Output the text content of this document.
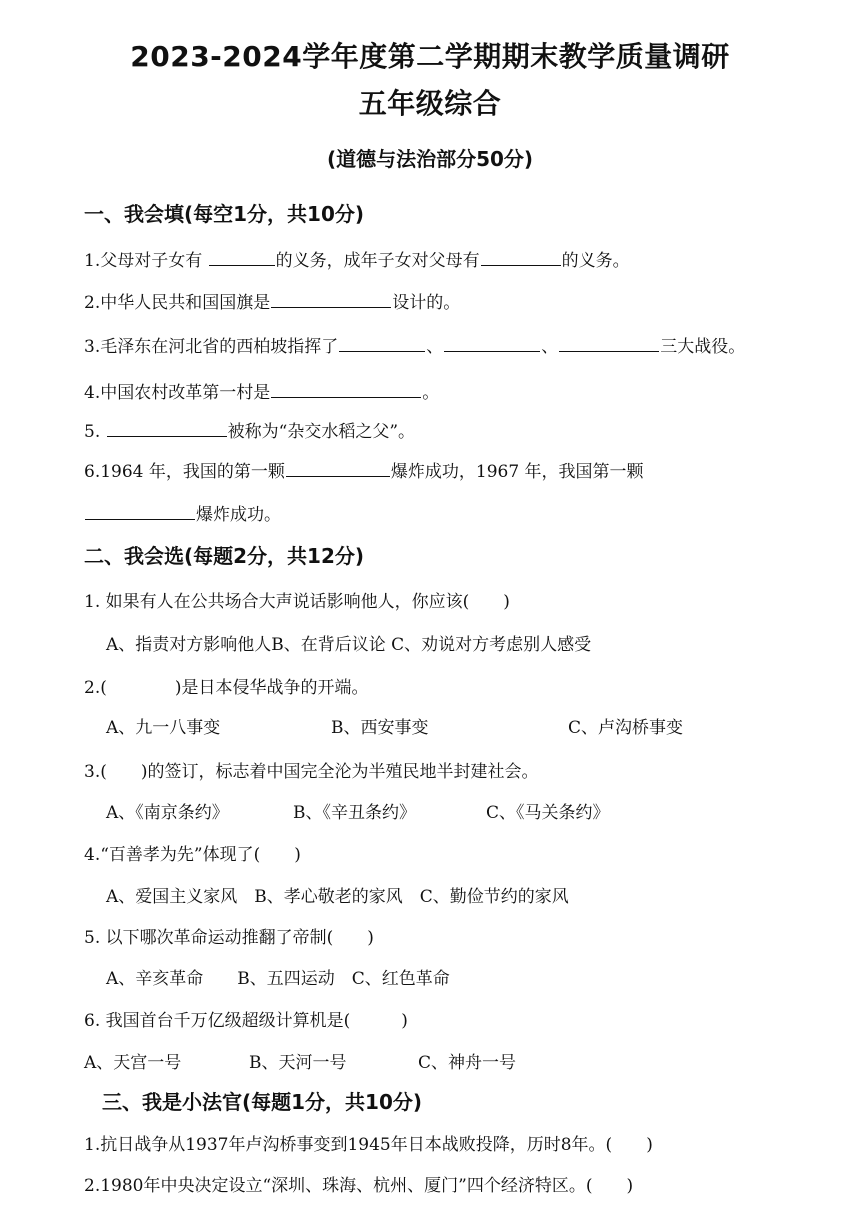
2023-2024学年度第二学期期末教学质量调研
五年级综合
(道德与法治部分50分)
一、我会填(每空1分，共10分)
1.父母对子女有	的义务，成年子女对父母有	的义务。
2.中华人民共和国国旗是	设计的。
3.毛泽东在河北省的西柏坡指挥了	、	、	三大战役。
4.中国农村改革第一村是	。
5.	被称为“杂交水稻之父”。
6.1964 年，我国的第一颗	爆炸成功，1967 年，我国第一颗
爆炸成功。
二、我会选(每题2分，共12分)
1. 如果有人在公共场合大声说话影响他人，你应该(　　)
A、指责对方影响他人B、在背后议论 C、劝说对方考虑别人感受
2.(　　　　)是日本侵华战争的开端。
A、九一八事变	B、西安事变	C、卢沟桥事变
3.(　　)的签订，标志着中国完全沦为半殖民地半封建社会。
A、《南京条约》	B、《辛丑条约》	C、《马关条约》
4.“百善孝为先”体现了(　　)
A、爱国主义家风　B、孝心敬老的家风　C、勤俭节约的家风
5. 以下哪次革命运动推翻了帝制(　　)
A、辛亥革命　　B、五四运动　C、红色革命
6. 我国首台千万亿级超级计算机是(　　　)
A、天宫一号	B、天河一号	C、神舟一号
三、我是小法官(每题1分，共10分)
1.抗日战争从1937年卢沟桥事变到1945年日本战败投降，历时8年。(　　)
2.1980年中央决定设立“深圳、珠海、杭州、厦门”四个经济特区。(　　)
